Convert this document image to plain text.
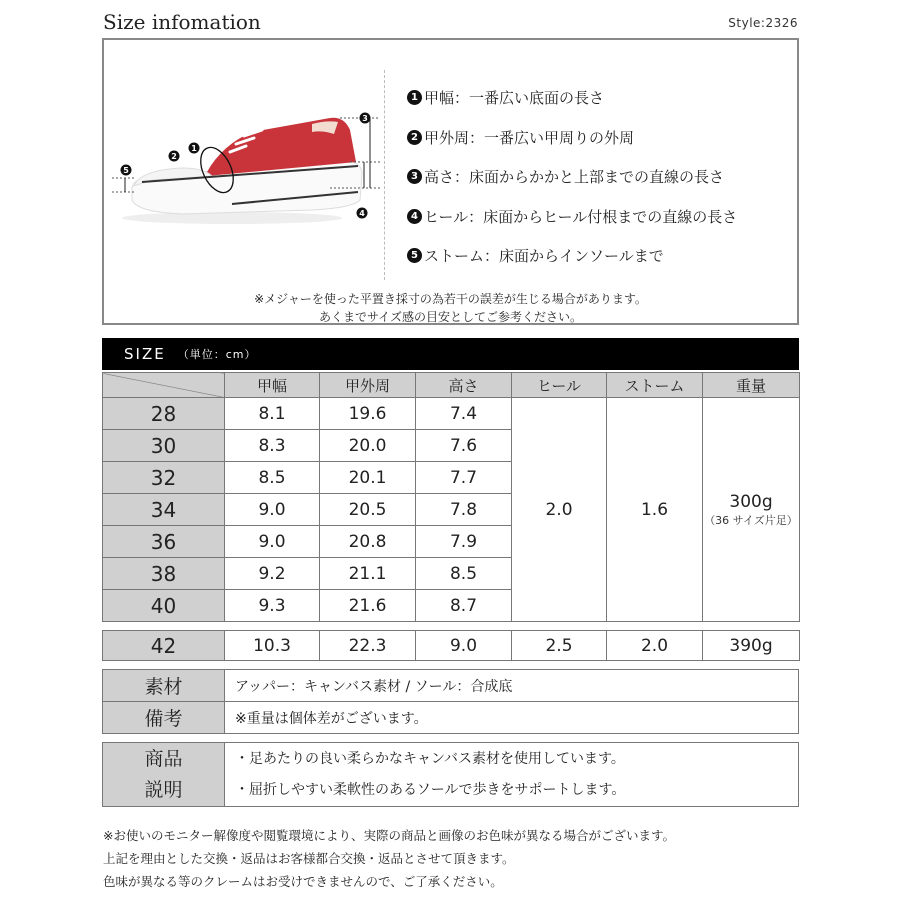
Size infomation	Style:2326
1
2
3
4
5
1 甲幅：一番広い底面の長さ
2 甲外周：一番広い甲周りの外周
3 高さ：床面からかかと上部までの直線の長さ
4 ヒール：床面からヒール付根までの直線の長さ
5 ストーム：床面からインソールまで
※メジャーを使った平置き採寸の為若干の誤差が生じる場合があります。
あくまでサイズ感の目安としてご参考ください。
SIZE （単位：cm）
	甲幅	甲外周	高さ	ヒール	ストーム	重量
28	8.1	19.6	7.4	2.0	1.6	300g
（36 サイズ片足）

30	8.3	20.0	7.6			
32	8.5	20.1	7.7			
34	9.0	20.5	7.8			
36	9.0	20.8	7.9			
38	9.2	21.1	8.5			
40	9.3	21.6	8.7			
42	10.3	22.3	9.0	2.5	2.0	390g
素材	アッパー：キャンバス素材 / ソール：合成底
備考	※重量は個体差がございます。
商品
説明

・足あたりの良い柔らかなキャンバス素材を使用しています。
・屈折しやすい柔軟性のあるソールで歩きをサポートします。
※お使いのモニター解像度や閲覧環境により、実際の商品と画像のお色味が異なる場合がございます。
上記を理由とした交換・返品はお客様都合交換・返品とさせて頂きます。
色味が異なる等のクレームはお受けできませんので、ご了承ください。
